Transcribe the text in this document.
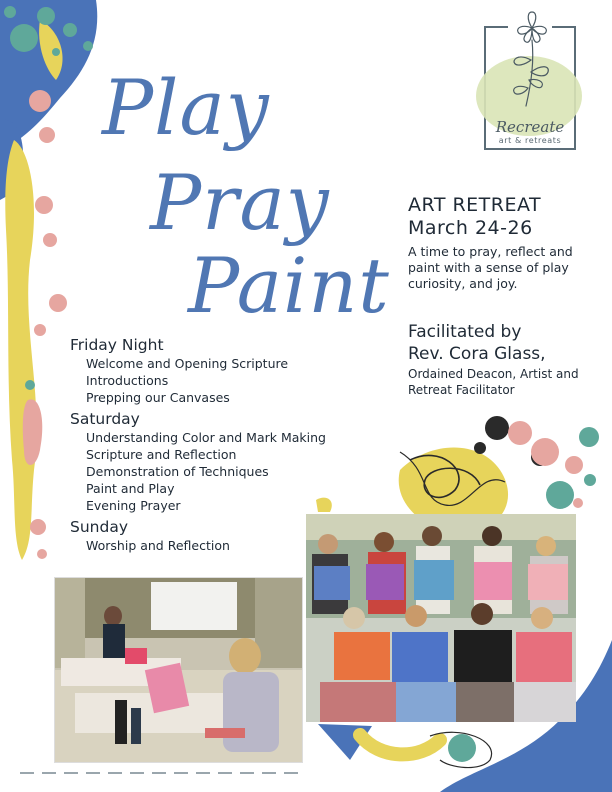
Play
Pray
Paint

Recreate

art & retreats

ART RETREAT

March 24-26

A time to pray, reflect and paint with a sense of play curiosity, and joy.

Facilitated by

Rev. Cora Glass,

Ordained Deacon, Artist and Retreat Facilitator

Friday Night
Welcome and Opening Scripture
Introductions
Prepping our Canvases
Saturday
Understanding Color and Mark Making
Scripture and Reflection
Demonstration of Techniques
Paint and Play
Evening Prayer
Sunday
Worship and Reflection
